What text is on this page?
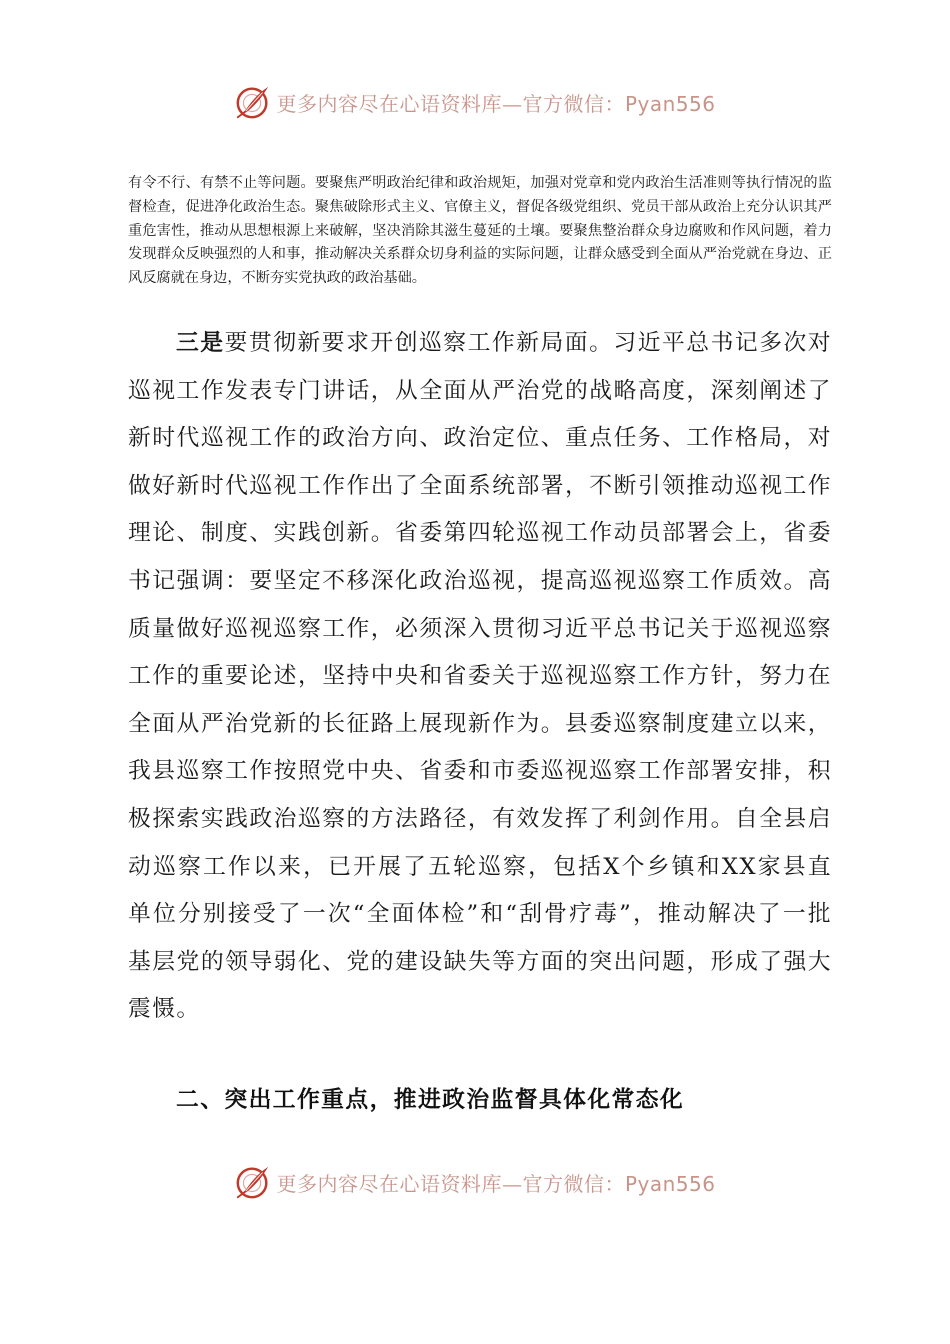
更多内容尽在心语资料库—官方微信：Pyan556

有令不行、有禁不止等问题。要聚焦严明政治纪律和政治规矩，加强对党章和党内政治生活准则等执行情况的监督检查，促进净化政治生态。聚焦破除形式主义、官僚主义，督促各级党组织、党员干部从政治上充分认识其严重危害性，推动从思想根源上来破解，坚决消除其滋生蔓延的土壤。要聚焦整治群众身边腐败和作风问题，着力发现群众反映强烈的人和事，推动解决关系群众切身利益的实际问题，让群众感受到全面从严治党就在身边、正风反腐就在身边，不断夯实党执政的政治基础。

三是要贯彻新要求开创巡察工作新局面。习近平总书记多次对巡视工作发表专门讲话，从全面从严治党的战略高度，深刻阐述了新时代巡视工作的政治方向、政治定位、重点任务、工作格局，对做好新时代巡视工作作出了全面系统部署，不断引领推动巡视工作理论、制度、实践创新。省委第四轮巡视工作动员部署会上，省委书记强调：要坚定不移深化政治巡视，提高巡视巡察工作质效。高质量做好巡视巡察工作，必须深入贯彻习近平总书记关于巡视巡察工作的重要论述，坚持中央和省委关于巡视巡察工作方针，努力在全面从严治党新的长征路上展现新作为。县委巡察制度建立以来，我县巡察工作按照党中央、省委和市委巡视巡察工作部署安排，积极探索实践政治巡察的方法路径，有效发挥了利剑作用。自全县启动巡察工作以来，已开展了五轮巡察，包括X个乡镇和XX家县直单位分别接受了一次“全面体检”和“刮骨疗毒”，推动解决了一批基层党的领导弱化、党的建设缺失等方面的突出问题，形成了强大震慑。

二、突出工作重点，推进政治监督具体化常态化
更多内容尽在心语资料库—官方微信：Pyan556
